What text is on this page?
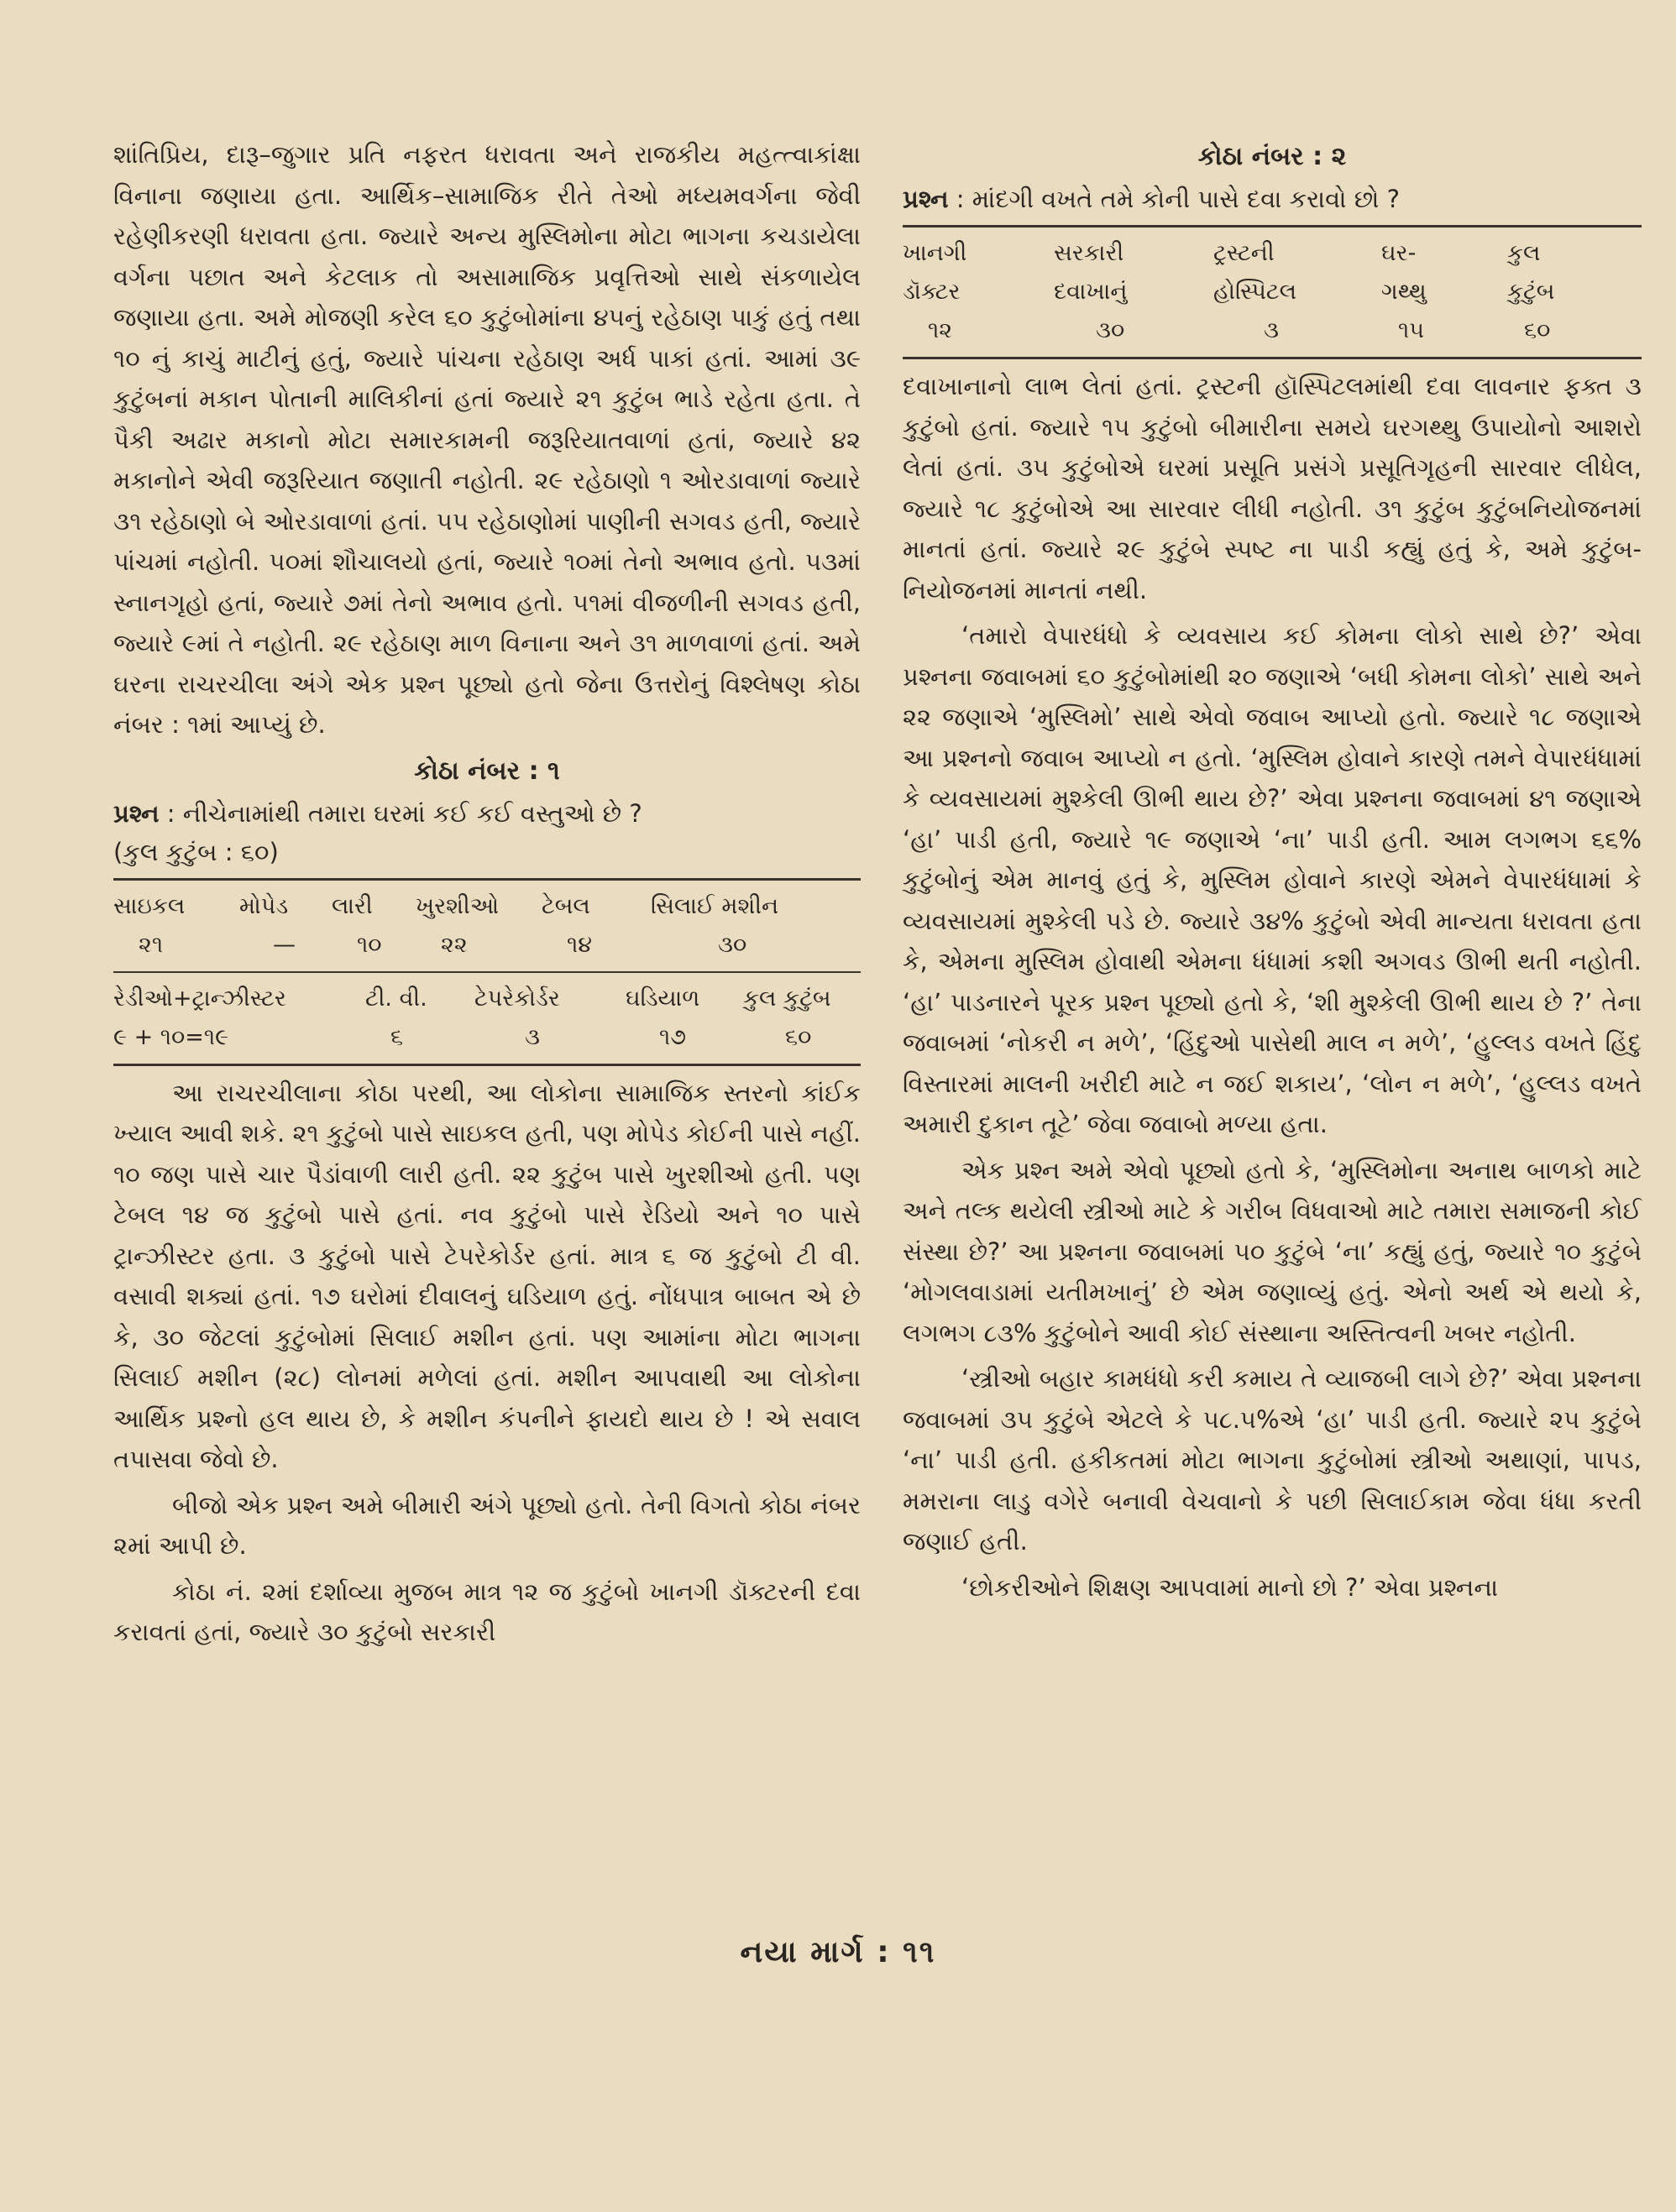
શાંતિપ્રિય, દારૂ–જુગાર પ્રતિ નફરત ધરાવતા અને રાજકીય મહત્ત્વાકાંક્ષા વિનાના જણાયા હતા. આર્થિક–સામાજિક રીતે તેઓ મધ્યમવર્ગના જેવી રહેણીકરણી ધરાવતા હતા. જ્યારે અન્ય મુસ્લિમોના મોટા ભાગના કચડાયેલા વર્ગના પછાત અને કેટલાક તો અસામાજિક પ્રવૃત્તિઓ સાથે સંકળાયેલ જણાયા હતા. અમે મોજણી કરેલ ૬૦ કુટુંબોમાંના ૪૫નું રહેઠાણ પાકું હતું તથા ૧૦ નું કાચું માટીનું હતું, જ્યારે પાંચના રહેઠાણ અર્ધ પાકાં હતાં. આમાં ૩૯ કુટુંબનાં મકાન પોતાની માલિકીનાં હતાં જ્યારે ૨૧ કુટુંબ ભાડે રહેતા હતા. તે પૈકી અઢાર મકાનો મોટા સમારકામની જરૂરિયાતવાળાં હતાં, જ્યારે ૪૨ મકાનોને એવી જરૂરિયાત જણાતી નહોતી. ૨૯ રહેઠાણો ૧ ઓરડાવાળાં જ્યારે ૩૧ રહેઠાણો બે ઓરડાવાળાં હતાં. ૫૫ રહેઠાણોમાં પાણીની સગવડ હતી, જ્યારે પાંચમાં નહોતી. ૫૦માં શૌચાલયો હતાં, જ્યારે ૧૦માં તેનો અભાવ હતો. ૫૩માં સ્નાનગૃહો હતાં, જ્યારે ૭માં તેનો અભાવ હતો. ૫૧માં વીજળીની સગવડ હતી, જ્યારે ૯માં તે નહોતી. ૨૯ રહેઠાણ માળ વિનાના અને ૩૧ માળવાળાં હતાં. અમે ઘરના રાચરચીલા અંગે એક પ્રશ્ન પૂછ્યો હતો જેના ઉત્તરોનું વિશ્લેષણ કોઠા નંબર : ૧માં આપ્યું છે.

કોઠા નંબર : ૧
પ્રશ્ન : નીચેનામાંથી તમારા ઘરમાં કઈ કઈ વસ્તુઓ છે ?
(કુલ કુટુંબ : ૬૦)
સાઇકલ	મોપેડ	લારી	ખુરશીઓ	ટેબલ	સિલાઈ મશીન
૨૧	—	૧૦	૨૨	૧૪	૩૦
રેડીઓ+ટ્રાન્ઝીસ્ટર	ટી. વી.	ટેપરેકોર્ડર	ઘડિયાળ	કુલ કુટુંબ
૯ + ૧૦=૧૯	૬	૩	૧૭	૬૦

આ રાચરચીલાના કોઠા પરથી, આ લોકોના સામાજિક સ્તરનો કાંઈક ખ્યાલ આવી શકે. ૨૧ કુટુંબો પાસે સાઇકલ હતી, પણ મોપેડ કોઈની પાસે નહીં. ૧૦ જણ પાસે ચાર પૈડાંવાળી લારી હતી. ૨૨ કુટુંબ પાસે ખુરશીઓ હતી. પણ ટેબલ ૧૪ જ કુટુંબો પાસે હતાં. નવ કુટુંબો પાસે રેડિયો અને ૧૦ પાસે ટ્રાન્ઝીસ્ટર હતા. ૩ કુટુંબો પાસે ટેપરેકોર્ડર હતાં. માત્ર ૬ જ કુટુંબો ટી વી. વસાવી શક્યાં હતાં. ૧૭ ઘરોમાં દીવાલનું ઘડિયાળ હતું. નોંધપાત્ર બાબત એ છે કે, ૩૦ જેટલાં કુટુંબોમાં સિલાઈ મશીન હતાં. પણ આમાંના મોટા ભાગના સિલાઈ મશીન (૨૮) લોનમાં મળેલાં હતાં. મશીન આપવાથી આ લોકોના આર્થિક પ્રશ્નો હલ થાય છે, કે મશીન કંપનીને ફાયદો થાય છે ! એ સવાલ તપાસવા જેવો છે.

બીજો એક પ્રશ્ન અમે બીમારી અંગે પૂછ્યો હતો. તેની વિગતો કોઠા નંબર ૨માં આપી છે.

કોઠા નં. ૨માં દર્શાવ્યા મુજબ માત્ર ૧૨ જ કુટુંબો ખાનગી ડૉક્ટરની દવા કરાવતાં હતાં, જ્યારે ૩૦ કુટુંબો સરકારી

કોઠા નંબર : ૨
પ્રશ્ન : માંદગી વખતે તમે કોની પાસે દવા કરાવો છો ?
ખાનગી	સરકારી	ટ્રસ્ટની	ઘર-	કુલ
ડૉક્ટર	દવાખાનું	હોસ્પિટલ	ગથ્થુ	કુટુંબ
૧૨	૩૦	૩	૧૫	૬૦

દવાખાનાનો લાભ લેતાં હતાં. ટ્રસ્ટની હૉસ્પિટલમાંથી દવા લાવનાર ફક્ત ૩ કુટુંબો હતાં. જ્યારે ૧૫ કુટુંબો બીમારીના સમયે ઘરગથ્થુ ઉપાયોનો આશરો લેતાં હતાં. ૩૫ કુટુંબોએ ઘરમાં પ્રસૂતિ પ્રસંગે પ્રસૂતિગૃહની સારવાર લીધેલ, જ્યારે ૧૮ કુટુંબોએ આ સારવાર લીધી નહોતી. ૩૧ કુટુંબ કુટુંબનિયોજનમાં માનતાં હતાં. જ્યારે ૨૯ કુટુંબે સ્પષ્ટ ના પાડી કહ્યું હતું કે, અમે કુટુંબ-નિયોજનમાં માનતાં નથી.

‘તમારો વેપારધંધો કે વ્યવસાય કઈ કોમના લોકો સાથે છે?’ એવા પ્રશ્નના જવાબમાં ૬૦ કુટુંબોમાંથી ૨૦ જણાએ ‘બધી કોમના લોકો’ સાથે અને ૨૨ જણાએ ‘મુસ્લિમો’ સાથે એવો જવાબ આપ્યો હતો. જ્યારે ૧૮ જણાએ આ પ્રશ્નનો જવાબ આપ્યો ન હતો. ‘મુસ્લિમ હોવાને કારણે તમને વેપારધંધામાં કે વ્યવસાયમાં મુશ્કેલી ઊભી થાય છે?’ એવા પ્રશ્નના જવાબમાં ૪૧ જણાએ ‘હા’ પાડી હતી, જ્યારે ૧૯ જણાએ ‘ના’ પાડી હતી. આમ લગભગ ૬૬% કુટુંબોનું એમ માનવું હતું કે, મુસ્લિમ હોવાને કારણે એમને વેપારધંધામાં કે વ્યવસાયમાં મુશ્કેલી પડે છે. જ્યારે ૩૪% કુટુંબો એવી માન્યતા ધરાવતા હતા કે, એમના મુસ્લિમ હોવાથી એમના ધંધામાં કશી અગવડ ઊભી થતી નહોતી. ‘હા’ પાડનારને પૂરક પ્રશ્ન પૂછ્યો હતો કે, ‘શી મુશ્કેલી ઊભી થાય છે ?’ તેના જવાબમાં ‘નોકરી ન મળે’, ‘હિંદુઓ પાસેથી માલ ન મળે’, ‘હુલ્લડ વખતે હિંદુ વિસ્તારમાં માલની ખરીદી માટે ન જઈ શકાય’, ‘લોન ન મળે’, ‘હુલ્લડ વખતે અમારી દુકાન તૂટે’ જેવા જવાબો મળ્યા હતા.

એક પ્રશ્ન અમે એવો પૂછ્યો હતો કે, ‘મુસ્લિમોના અનાથ બાળકો માટે અને તલ્ક થયેલી સ્ત્રીઓ માટે કે ગરીબ વિધવાઓ માટે તમારા સમાજની કોઈ સંસ્થા છે?’ આ પ્રશ્નના જવાબમાં ૫૦ કુટુંબે ‘ના’ કહ્યું હતું, જ્યારે ૧૦ કુટુંબે ‘મોગલવાડામાં યતીમખાનું’ છે એમ જણાવ્યું હતું. એનો અર્થ એ થયો કે, લગભગ ૮૩% કુટુંબોને આવી કોઈ સંસ્થાના અસ્તિત્વની ખબર નહોતી.

‘સ્ત્રીઓ બહાર કામધંધો કરી કમાય તે વ્યાજબી લાગે છે?’ એવા પ્રશ્નના જવાબમાં ૩૫ કુટુંબે એટલે કે ૫૮.૫%એ ‘હા’ પાડી હતી. જ્યારે ૨૫ કુટુંબે ‘ના’ પાડી હતી. હકીકતમાં મોટા ભાગના કુટુંબોમાં સ્ત્રીઓ અથાણાં, પાપડ, મમરાના લાડુ વગેરે બનાવી વેચવાનો કે પછી સિલાઈકામ જેવા ધંધા કરતી જણાઈ હતી.

‘છોકરીઓને શિક્ષણ આપવામાં માનો છો ?’ એવા પ્રશ્નના

નયા માર્ગ : ૧૧
